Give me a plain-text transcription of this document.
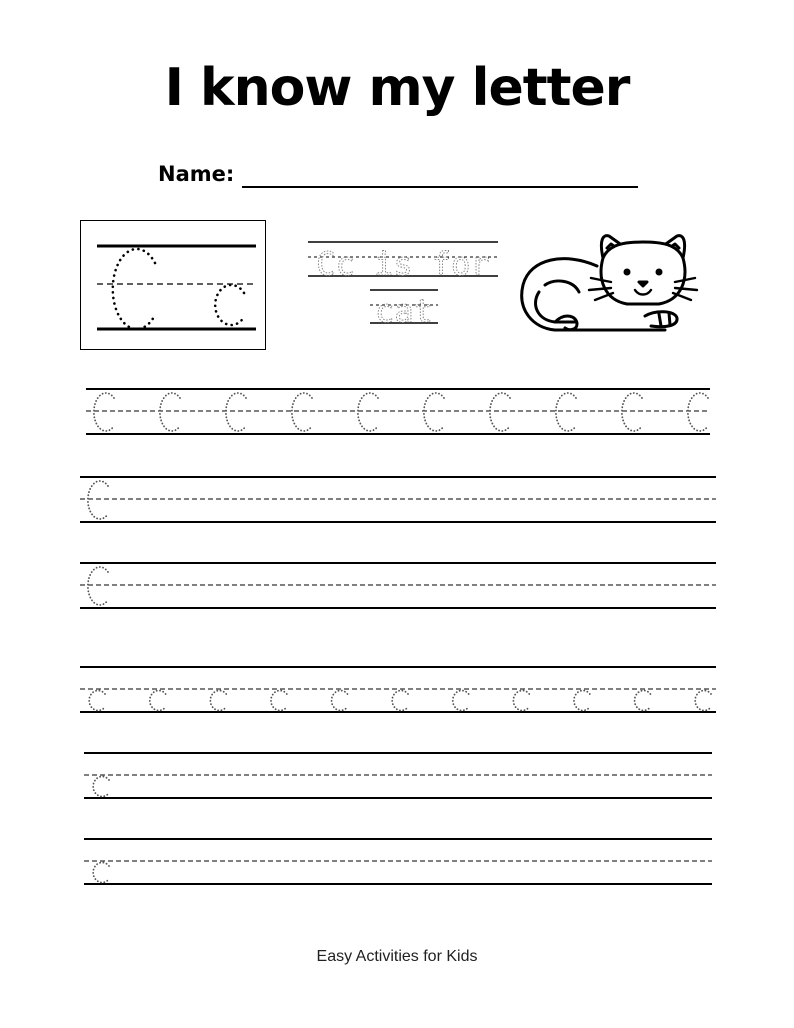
I know my letter
Name:
Cc is for
cat
Easy Activities for Kids
